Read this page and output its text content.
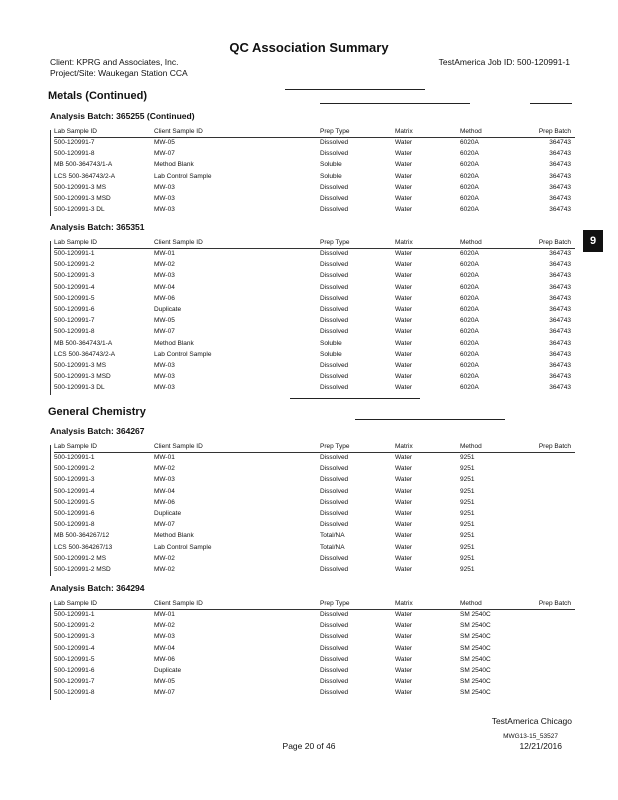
QC Association Summary
Client: KPRG and Associates, Inc.
Project/Site: Waukegan Station CCA
TestAmerica Job ID: 500-120991-1
Metals (Continued)
Analysis Batch: 365255 (Continued)
Lab Sample ID	Client Sample ID	Prep Type	Matrix	Method	Prep Batch
500-120991-7	MW-05	Dissolved	Water	6020A	364743
500-120991-8	MW-07	Dissolved	Water	6020A	364743
MB 500-364743/1-A	Method Blank	Soluble	Water	6020A	364743
LCS 500-364743/2-A	Lab Control Sample	Soluble	Water	6020A	364743
500-120991-3 MS	MW-03	Dissolved	Water	6020A	364743
500-120991-3 MSD	MW-03	Dissolved	Water	6020A	364743
500-120991-3 DL	MW-03	Dissolved	Water	6020A	364743
Analysis Batch: 365351
Lab Sample ID	Client Sample ID	Prep Type	Matrix	Method	Prep Batch
500-120991-1	MW-01	Dissolved	Water	6020A	364743
500-120991-2	MW-02	Dissolved	Water	6020A	364743
500-120991-3	MW-03	Dissolved	Water	6020A	364743
500-120991-4	MW-04	Dissolved	Water	6020A	364743
500-120991-5	MW-06	Dissolved	Water	6020A	364743
500-120991-6	Duplicate	Dissolved	Water	6020A	364743
500-120991-7	MW-05	Dissolved	Water	6020A	364743
500-120991-8	MW-07	Dissolved	Water	6020A	364743
MB 500-364743/1-A	Method Blank	Soluble	Water	6020A	364743
LCS 500-364743/2-A	Lab Control Sample	Soluble	Water	6020A	364743
500-120991-3 MS	MW-03	Dissolved	Water	6020A	364743
500-120991-3 MSD	MW-03	Dissolved	Water	6020A	364743
500-120991-3 DL	MW-03	Dissolved	Water	6020A	364743
General Chemistry
Analysis Batch: 364267
Lab Sample ID	Client Sample ID	Prep Type	Matrix	Method	Prep Batch
500-120991-1	MW-01	Dissolved	Water	9251
500-120991-2	MW-02	Dissolved	Water	9251
500-120991-3	MW-03	Dissolved	Water	9251
500-120991-4	MW-04	Dissolved	Water	9251
500-120991-5	MW-06	Dissolved	Water	9251
500-120991-6	Duplicate	Dissolved	Water	9251
500-120991-8	MW-07	Dissolved	Water	9251
MB 500-364267/12	Method Blank	Total/NA	Water	9251
LCS 500-364267/13	Lab Control Sample	Total/NA	Water	9251
500-120991-2 MS	MW-02	Dissolved	Water	9251
500-120991-2 MSD	MW-02	Dissolved	Water	9251
Analysis Batch: 364294
Lab Sample ID	Client Sample ID	Prep Type	Matrix	Method	Prep Batch
500-120991-1	MW-01	Dissolved	Water	SM 2540C
500-120991-2	MW-02	Dissolved	Water	SM 2540C
500-120991-3	MW-03	Dissolved	Water	SM 2540C
500-120991-4	MW-04	Dissolved	Water	SM 2540C
500-120991-5	MW-06	Dissolved	Water	SM 2540C
500-120991-6	Duplicate	Dissolved	Water	SM 2540C
500-120991-7	MW-05	Dissolved	Water	SM 2540C
500-120991-8	MW-07	Dissolved	Water	SM 2540C
9
TestAmerica Chicago
MWG13-15_53527
Page 20 of 46	12/21/2016
